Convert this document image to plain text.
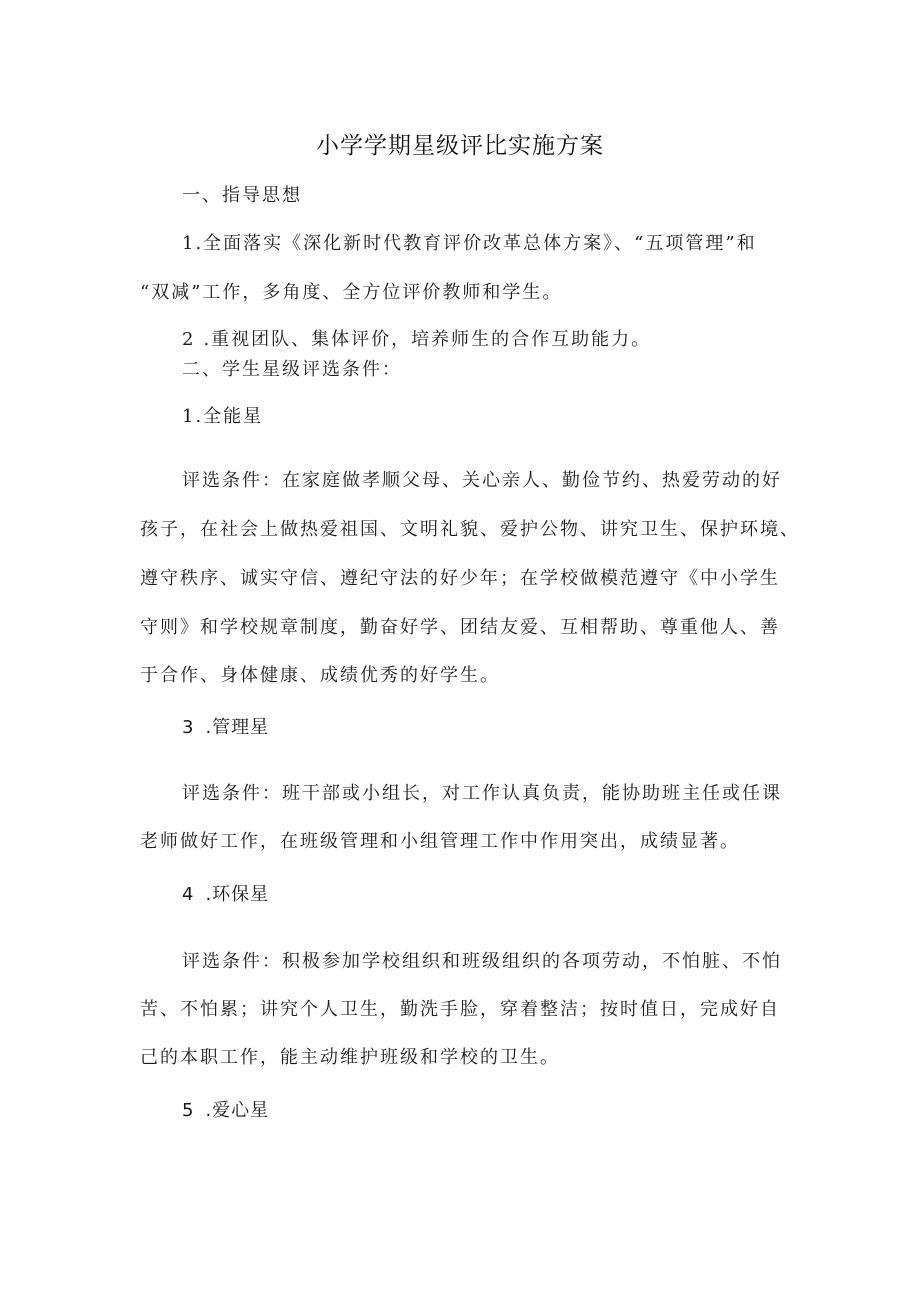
小学学期星级评比实施方案
一、指导思想
1.全面落实《深化新时代教育评价改革总体方案》、“五项管理”和
“双减”工作，多角度、全方位评价教师和学生。
2 .重视团队、集体评价，培养师生的合作互助能力。
二、学生星级评选条件：
1.全能星
评选条件：在家庭做孝顺父母、关心亲人、勤俭节约、热爱劳动的好
孩子，在社会上做热爱祖国、文明礼貌、爱护公物、讲究卫生、保护环境、
遵守秩序、诚实守信、遵纪守法的好少年；在学校做模范遵守《中小学生
守则》和学校规章制度，勤奋好学、团结友爱、互相帮助、尊重他人、善
于合作、身体健康、成绩优秀的好学生。
3 .管理星
评选条件：班干部或小组长，对工作认真负责，能协助班主任或任课
老师做好工作，在班级管理和小组管理工作中作用突出，成绩显著。
4 .环保星
评选条件：积极参加学校组织和班级组织的各项劳动，不怕脏、不怕
苦、不怕累；讲究个人卫生，勤洗手脸，穿着整洁；按时值日，完成好自
己的本职工作，能主动维护班级和学校的卫生。
5 .爱心星
